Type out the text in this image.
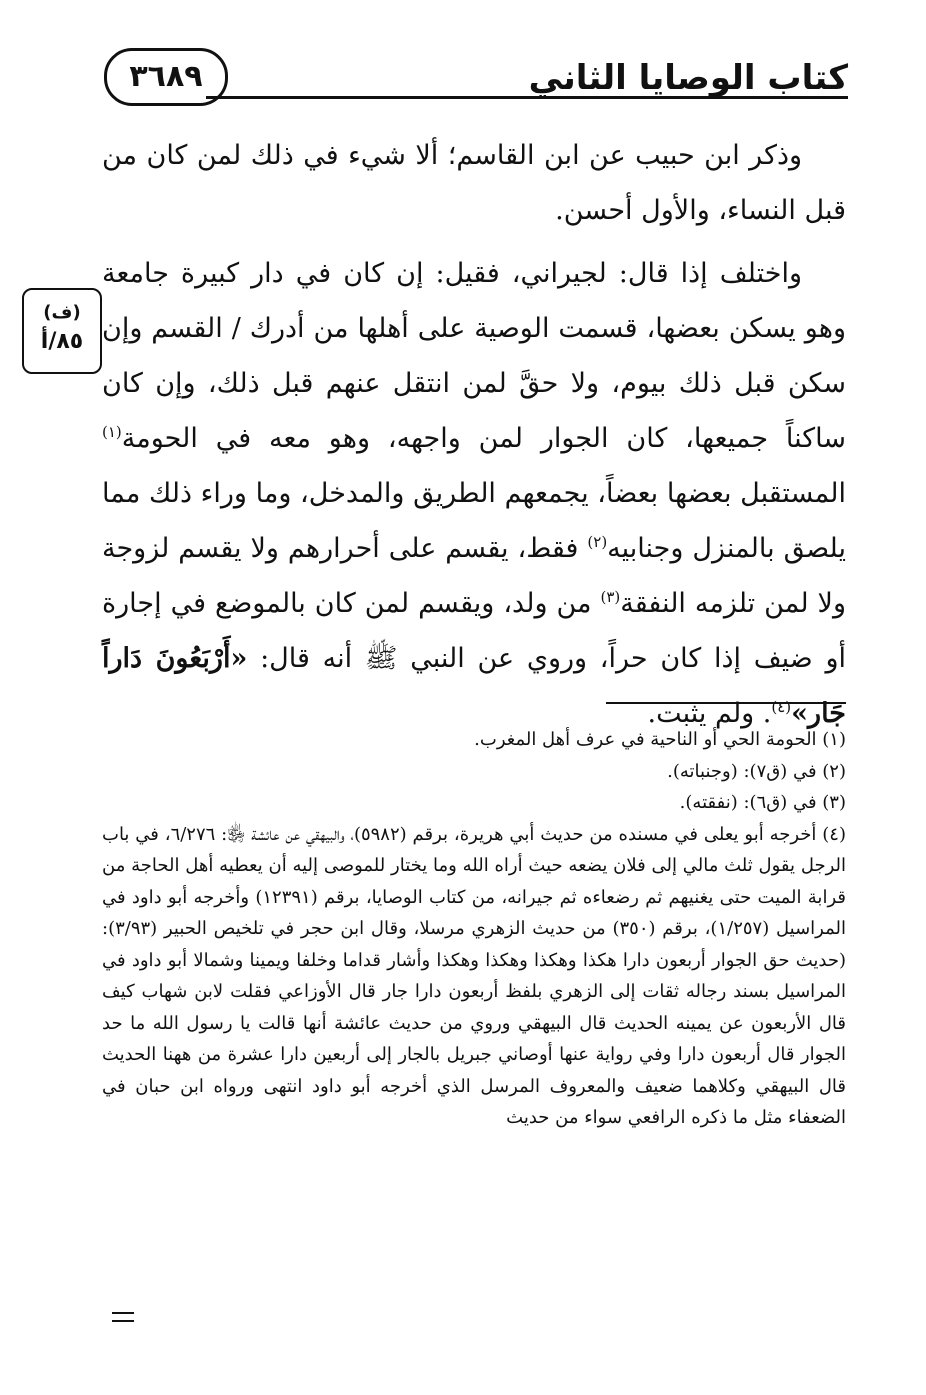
كتاب الوصايا الثاني
٣٦٨٩
(ف)
٨٥/أ

وذكر ابن حبيب عن ابن القاسم؛ ألا شيء في ذلك لمن كان من قبل النساء، والأول أحسن.

واختلف إذا قال: لجيراني، فقيل: إن كان في دار كبيرة جامعة وهو يسكن بعضها، قسمت الوصية على أهلها من أدرك / القسم وإن سكن قبل ذلك بيوم، ولا حقَّ لمن انتقل عنهم قبل ذلك، وإن كان ساكناً جميعها، كان الجوار لمن واجهه، وهو معه في الحومة$^{(١)}$ المستقبل بعضها بعضاً، يجمعهم الطريق والمدخل، وما وراء ذلك مما يلصق بالمنزل وجنابيه$^{(٢)}$ فقط، يقسم على أحرارهم ولا يقسم لزوجة ولا لمن تلزمه النفقة$^{(٣)}$ من ولد، ويقسم لمن كان بالموضع في إجارة أو ضيف إذا كان حراً، وروي عن النبي ﷺ أنه قال: «أَرْبَعُونَ دَاراً جَار»$^{(٤)}$. ولم يثبت.

(١) الحومة الحي أو الناحية في عرف أهل المغرب.

(٢) في (ق٧): (وجنباته).

(٣) في (ق٦): (نفقته).

(٤) أخرجه أبو يعلى في مسنده من حديث أبي هريرة، برقم (٥٩٨٢)، والبيهقي عن عائشة ﵂: ٦/٢٧٦، في باب الرجل يقول ثلث مالي إلى فلان يضعه حيث أراه الله وما يختار للموصى إليه أن يعطيه أهل الحاجة من قرابة الميت حتى يغنيهم ثم رضعاءه ثم جيرانه، من كتاب الوصايا، برقم (١٢٣٩١) وأخرجه أبو داود في المراسيل (١/٢٥٧)، برقم (٣٥٠) من حديث الزهري مرسلا، وقال ابن حجر في تلخيص الحبير (٣/٩٣): (حديث حق الجوار أربعون دارا هكذا وهكذا وهكذا وهكذا وأشار قداما وخلفا ويمينا وشمالا أبو داود في المراسيل بسند رجاله ثقات إلى الزهري بلفظ أربعون دارا جار قال الأوزاعي فقلت لابن شهاب كيف قال الأربعون عن يمينه الحديث قال البيهقي وروي من حديث عائشة أنها قالت يا رسول الله ما حد الجوار قال أربعون دارا وفي رواية عنها أوصاني جبريل بالجار إلى أربعين دارا عشرة من ههنا الحديث قال البيهقي وكلاهما ضعيف والمعروف المرسل الذي أخرجه أبو داود انتهى ورواه ابن حبان في الضعفاء مثل ما ذكره الرافعي سواء من حديث
